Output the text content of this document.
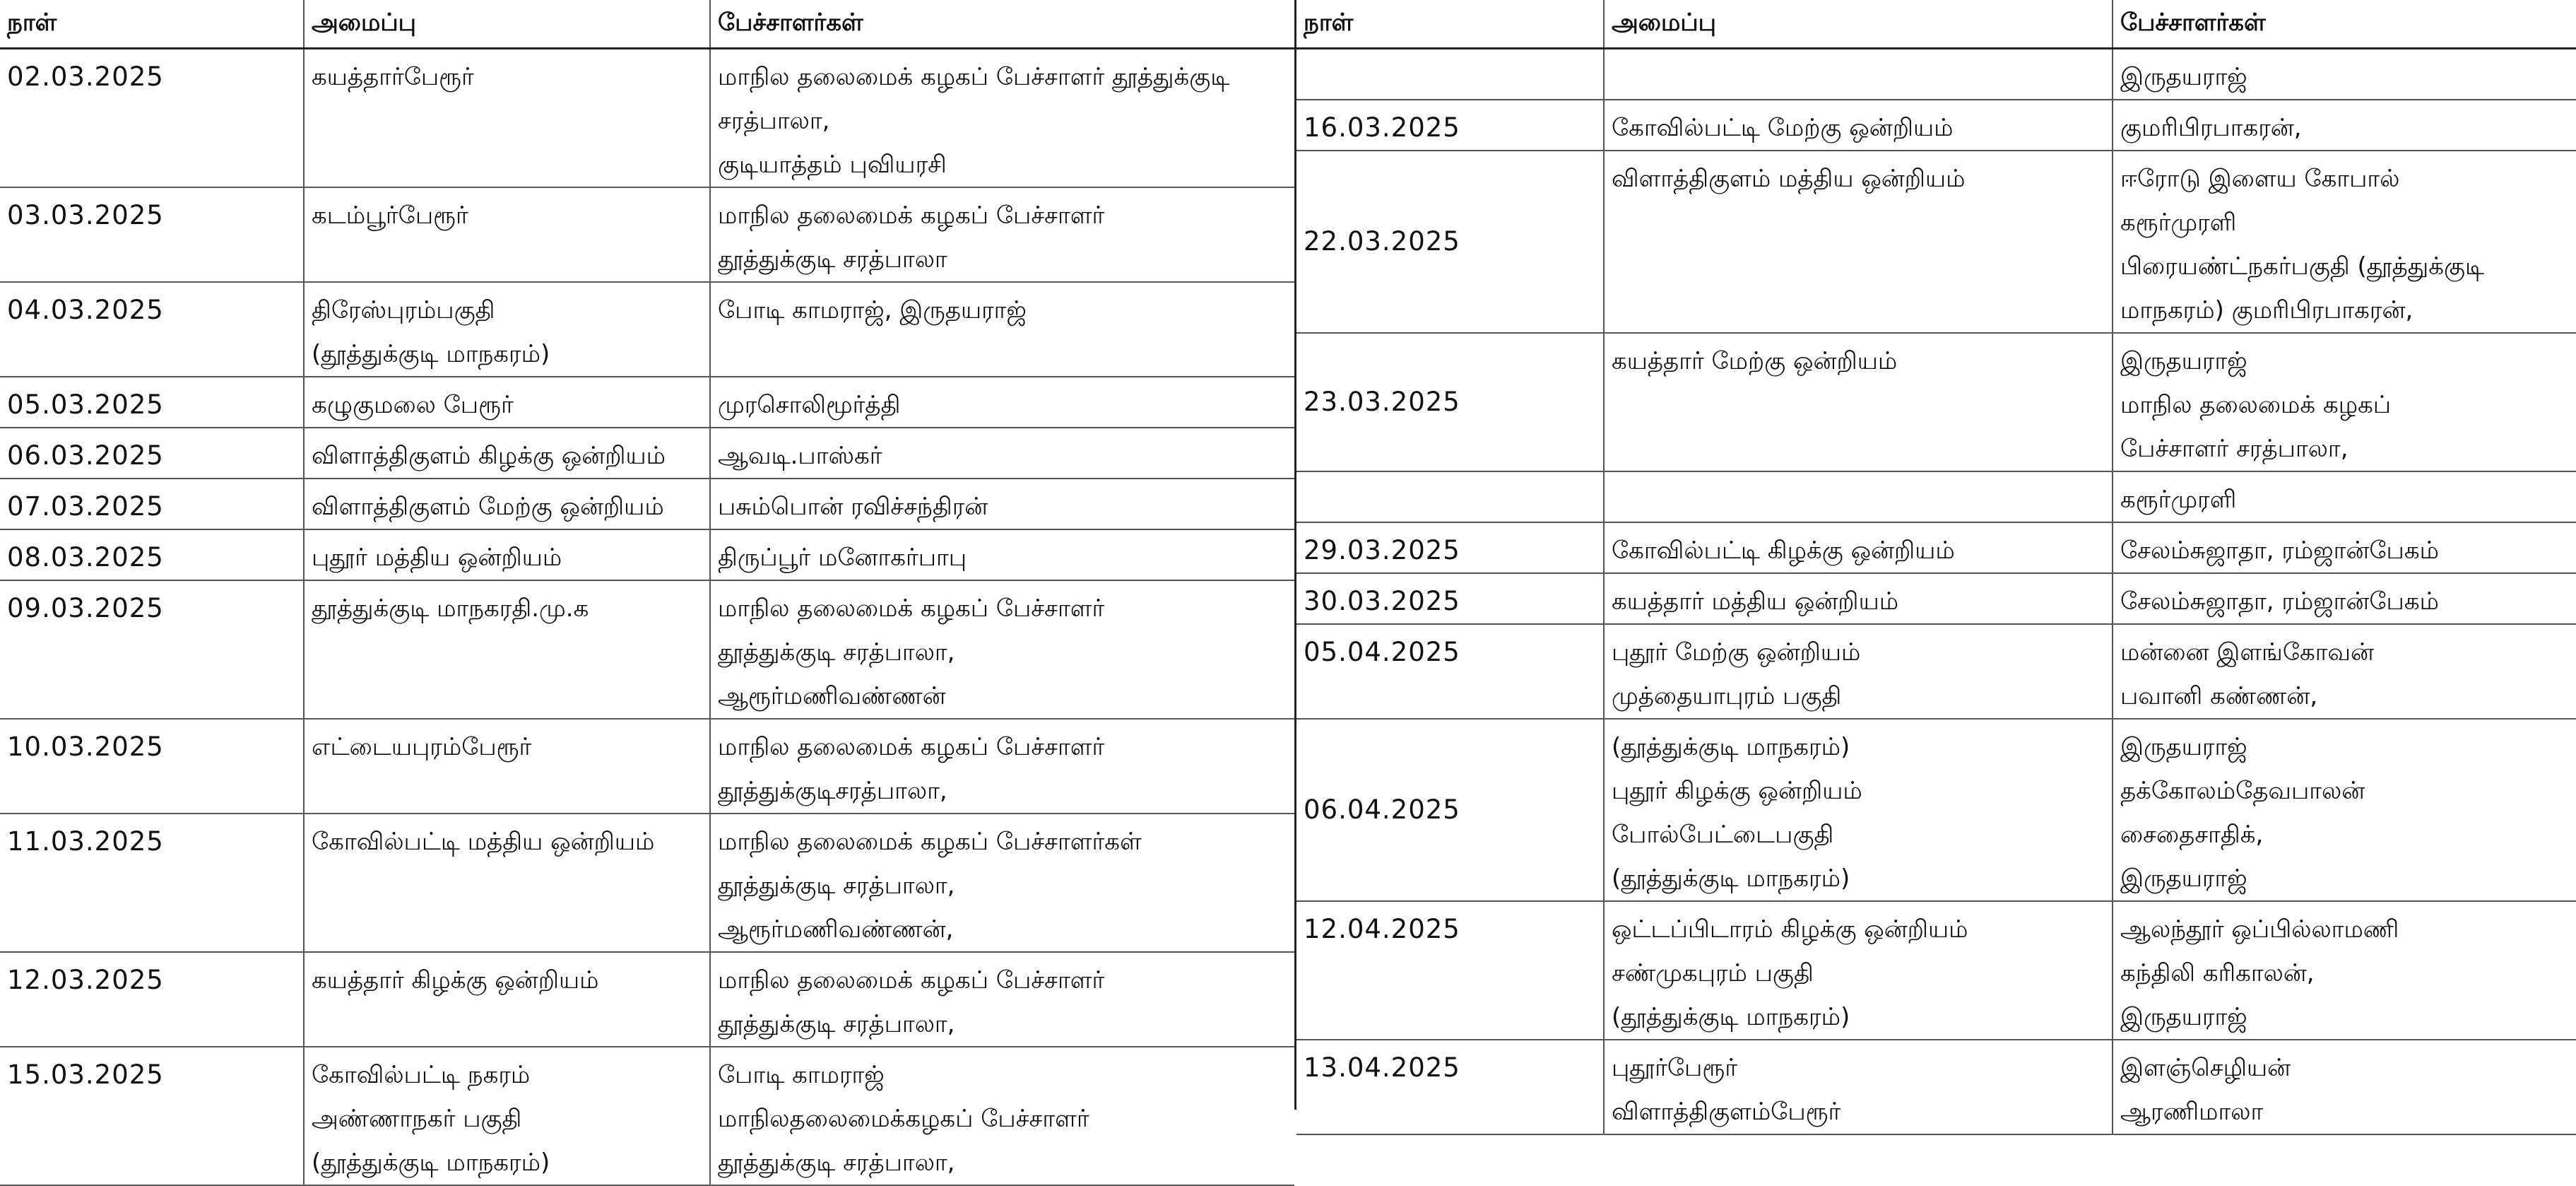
நாள்	அமைப்பு	பேச்சாளர்கள்
02.03.2025	கயத்தார்பேரூர்	மாநில தலைமைக் கழகப் பேச்சாளர் தூத்துக்குடி
சரத்பாலா,
குடியாத்தம் புவியரசி

03.03.2025	கடம்பூர்பேரூர்	மாநில தலைமைக் கழகப் பேச்சாளர்
தூத்துக்குடி சரத்பாலா

04.03.2025	திரேஸ்புரம்பகுதி
(தூத்துக்குடி மாநகரம்)	போடி காமராஜ், இருதயராஜ்

05.03.2025	கழுகுமலை பேரூர்	முரசொலிமூர்த்தி

06.03.2025	விளாத்திகுளம் கிழக்கு ஒன்றியம்	ஆவடி.பாஸ்கர்

07.03.2025	விளாத்திகுளம் மேற்கு ஒன்றியம்	பசும்பொன் ரவிச்சந்திரன்

08.03.2025	புதூர் மத்திய ஒன்றியம்	திருப்பூர் மனோகர்பாபு

09.03.2025	தூத்துக்குடி மாநகரதி.மு.க	மாநில தலைமைக் கழகப் பேச்சாளர்
தூத்துக்குடி சரத்பாலா,
ஆரூர்மணிவண்ணன்

10.03.2025	எட்டையபுரம்பேரூர்	மாநில தலைமைக் கழகப் பேச்சாளர்
தூத்துக்குடிசரத்பாலா,

11.03.2025	கோவில்பட்டி மத்திய ஒன்றியம்	மாநில தலைமைக் கழகப் பேச்சாளர்கள்
தூத்துக்குடி சரத்பாலா,
ஆரூர்மணிவண்ணன்,

12.03.2025	கயத்தார் கிழக்கு ஒன்றியம்	மாநில தலைமைக் கழகப் பேச்சாளர்
தூத்துக்குடி சரத்பாலா,

15.03.2025	கோவில்பட்டி நகரம்
அண்ணாநகர் பகுதி
(தூத்துக்குடி மாநகரம்)	போடி காமராஜ்
மாநிலதலைமைக்கழகப் பேச்சாளர்
தூத்துக்குடி சரத்பாலா,
நாள்	அமைப்பு	பேச்சாளர்கள்

		இருதயராஜ்

16.03.2025	கோவில்பட்டி மேற்கு ஒன்றியம்	குமரிபிரபாகரன்,

22.03.2025	விளாத்திகுளம் மத்திய ஒன்றியம்	ஈரோடு இளைய கோபால்
கரூர்முரளி
பிரையண்ட்நகர்பகுதி (தூத்துக்குடி
மாநகரம்) குமரிபிரபாகரன்,

23.03.2025	கயத்தார் மேற்கு ஒன்றியம்	இருதயராஜ்
மாநில தலைமைக் கழகப்
பேச்சாளர் சரத்பாலா,

		கரூர்முரளி

29.03.2025	கோவில்பட்டி கிழக்கு ஒன்றியம்	சேலம்சுஜாதா, ரம்ஜான்பேகம்

30.03.2025	கயத்தார் மத்திய ஒன்றியம்	சேலம்சுஜாதா, ரம்ஜான்பேகம்

05.04.2025	புதூர் மேற்கு ஒன்றியம்
முத்தையாபுரம் பகுதி	மன்னை இளங்கோவன்
பவானி கண்ணன்,

06.04.2025	(தூத்துக்குடி மாநகரம்)
புதூர் கிழக்கு ஒன்றியம்
போல்பேட்டைபகுதி
(தூத்துக்குடி மாநகரம்)	இருதயராஜ்
தக்கோலம்தேவபாலன்
சைதைசாதிக்,
இருதயராஜ்

12.04.2025	ஒட்டப்பிடாரம் கிழக்கு ஒன்றியம்
சண்முகபுரம் பகுதி
(தூத்துக்குடி மாநகரம்)	ஆலந்தூர் ஒப்பில்லாமணி
கந்திலி கரிகாலன்,
இருதயராஜ்

13.04.2025	புதூர்பேரூர்
விளாத்திகுளம்பேரூர்	இளஞ்செழியன்
ஆரணிமாலா
